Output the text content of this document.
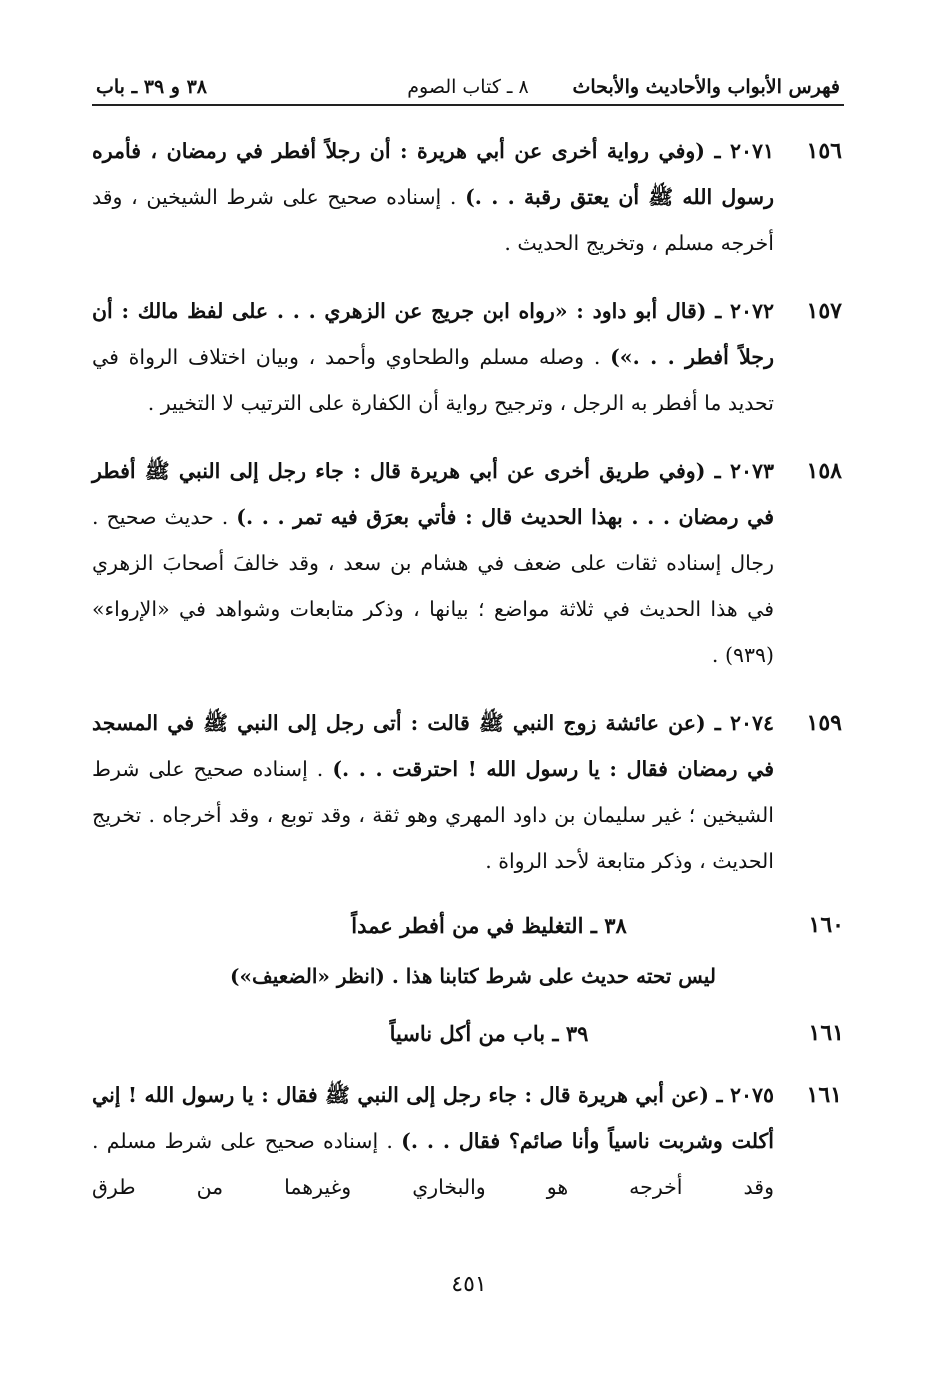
فهرس الأبواب والأحاديث والأبحاث
٨ ـ كتاب الصوم
٣٨ و ٣٩ ـ باب
١٥٦
٢٠٧١ ـ (وفي رواية أخرى عن أبي هريرة : أن رجلاً أفطر في رمضان ، فأمره رسول الله ﷺ أن يعتق رقبة . . .) . إسناده صحيح على شرط الشيخين ، وقد أخرجه مسلم ، وتخريج الحديث .
١٥٧
٢٠٧٢ ـ (قال أبو داود : «رواه ابن جريج عن الزهري . . . على لفظ مالك : أن رجلاً أفطر . . .») . وصله مسلم والطحاوي وأحمد ، وبيان اختلاف الرواة في تحديد ما أفطر به الرجل ، وترجيح رواية أن الكفارة على الترتيب لا التخيير .
١٥٨
٢٠٧٣ ـ (وفي طريق أخرى عن أبي هريرة قال : جاء رجل إلى النبي ﷺ أفطر في رمضان . . . بهذا الحديث قال : فأتي بعرَق فيه تمر . . .) . حديث صحيح . رجال إسناده ثقات على ضعف في هشام بن سعد ، وقد خالفَ أصحابَ الزهري في هذا الحديث في ثلاثة مواضع ؛ بيانها ، وذكر متابعات وشواهد في «الإرواء» (٩٣٩) .
١٥٩
٢٠٧٤ ـ (عن عائشة زوج النبي ﷺ قالت : أتى رجل إلى النبي ﷺ في المسجد في رمضان فقال : يا رسول الله ! احترقت . . .) . إسناده صحيح على شرط الشيخين ؛ غير سليمان بن داود المهري وهو ثقة ، وقد توبع ، وقد أخرجاه . تخريج الحديث ، وذكر متابعة لأحد الرواة .
١٦٠
٣٨ ـ التغليظ في من أفطر عمداً
ليس تحته حديث على شرط كتابنا هذا . (انظر «الضعيف»)
١٦١
٣٩ ـ باب من أكل ناسياً
١٦١
٢٠٧٥ ـ (عن أبي هريرة قال : جاء رجل إلى النبي ﷺ فقال : يا رسول الله ! إني أكلت وشربت ناسياً وأنا صائم؟ فقال . . .) . إسناده صحيح على شرط مسلم . وقد أخرجه هو والبخاري وغيرهما من طرق
٤٥١
